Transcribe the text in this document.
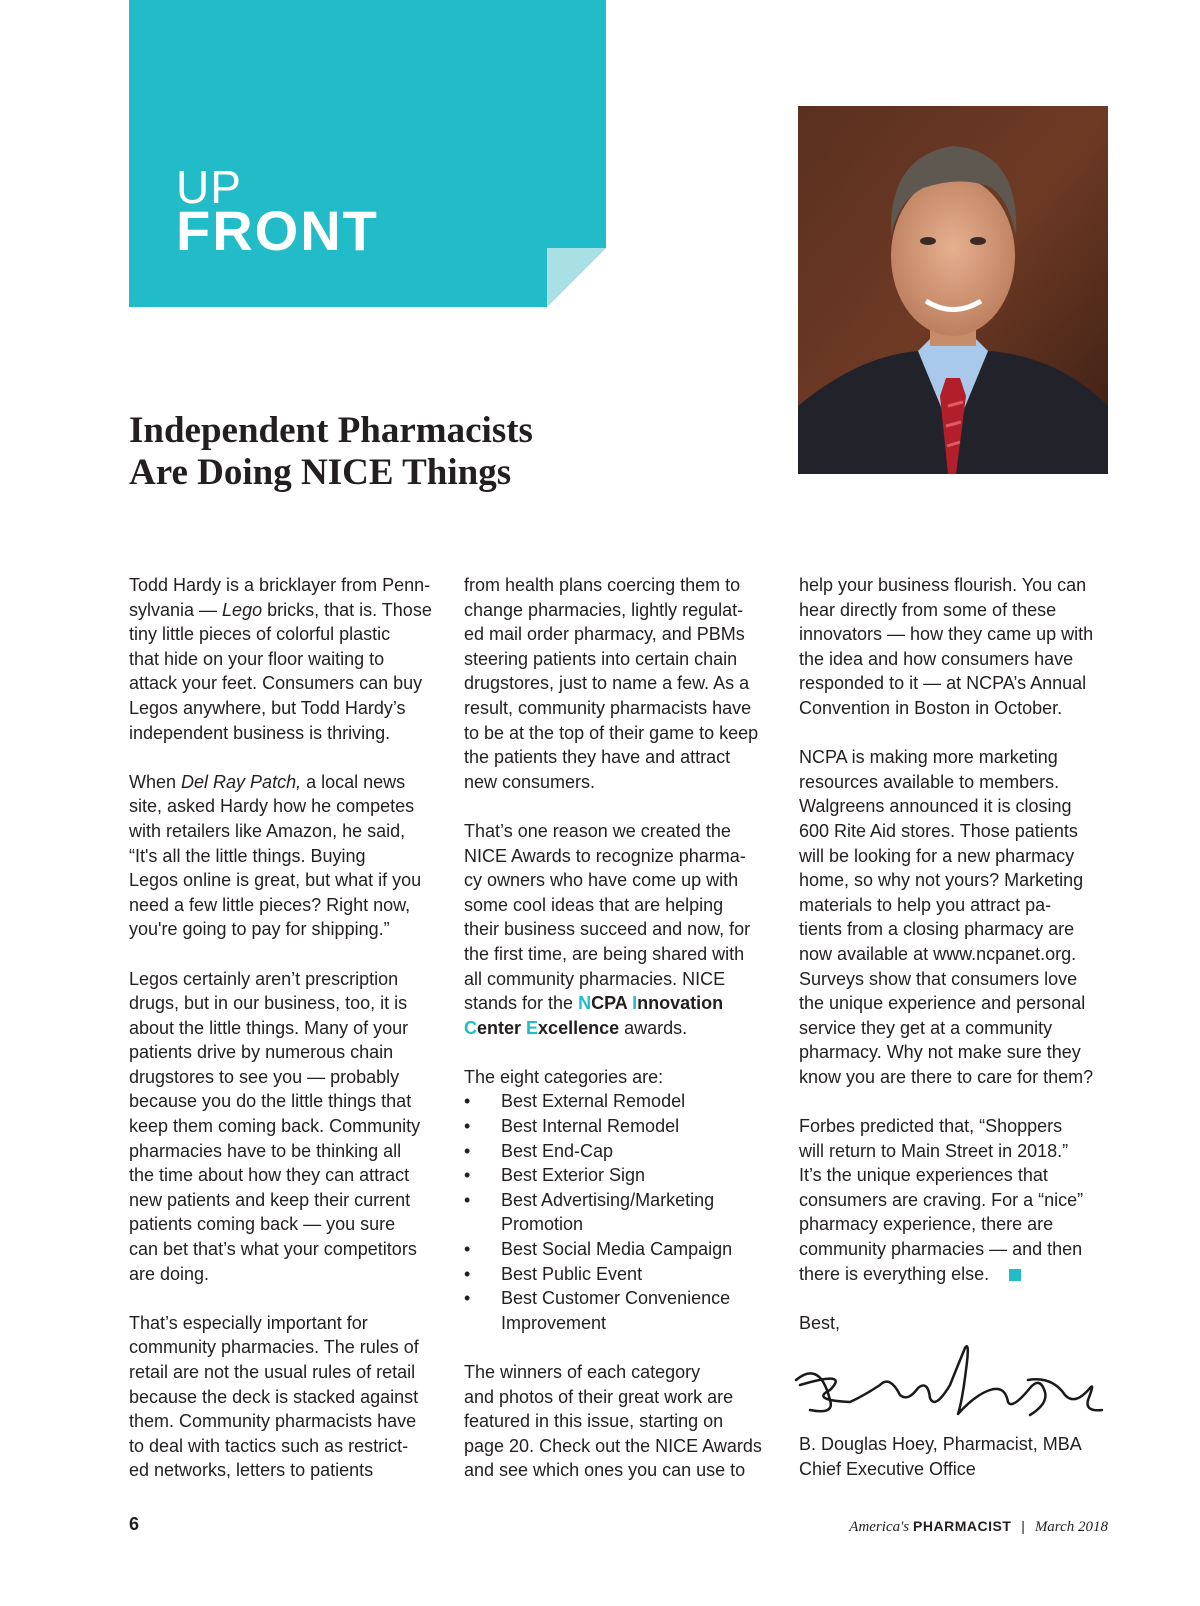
UP
FRONT
Independent Pharmacists
Are Doing NICE Things

Todd Hardy is a bricklayer from Penn-
sylvania — Lego bricks, that is. Those
tiny little pieces of colorful plastic
that hide on your floor waiting to
attack your feet. Consumers can buy
Legos anywhere, but Todd Hardy’s
independent business is thriving.

When Del Ray Patch, a local news
site, asked Hardy how he competes
with retailers like Amazon, he said,
“It's all the little things. Buying
Legos online is great, but what if you
need a few little pieces? Right now,
you're going to pay for shipping.”

Legos certainly aren’t prescription
drugs, but in our business, too, it is
about the little things. Many of your
patients drive by numerous chain
drugstores to see you — probably
because you do the little things that
keep them coming back. Community
pharmacies have to be thinking all
the time about how they can attract
new patients and keep their current
patients coming back — you sure
can bet that’s what your competitors
are doing.

That’s especially important for
community pharmacies. The rules of
retail are not the usual rules of retail
because the deck is stacked against
them. Community pharmacists have
to deal with tactics such as restrict-
ed networks, letters to patients

from health plans coercing them to
change pharmacies, lightly regulat-
ed mail order pharmacy, and PBMs
steering patients into certain chain
drugstores, just to name a few. As a
result, community pharmacists have
to be at the top of their game to keep
the patients they have and attract
new consumers.

That’s one reason we created the
NICE Awards to recognize pharma-
cy owners who have come up with
some cool ideas that are helping
their business succeed and now, for
the first time, are being shared with
all community pharmacies. NICE
stands for the NCPA Innovation
Center Excellence awards.

The eight categories are:
• Best External Remodel
• Best Internal Remodel
• Best End-Cap
• Best Exterior Sign
• Best Advertising/Marketing
Promotion
• Best Social Media Campaign
• Best Public Event
• Best Customer Convenience
Improvement

The winners of each category
and photos of their great work are
featured in this issue, starting on
page 20. Check out the NICE Awards
and see which ones you can use to

help your business flourish. You can
hear directly from some of these
innovators — how they came up with
the idea and how consumers have
responded to it — at NCPA’s Annual
Convention in Boston in October.

NCPA is making more marketing
resources available to members.
Walgreens announced it is closing
600 Rite Aid stores. Those patients
will be looking for a new pharmacy
home, so why not yours? Marketing
materials to help you attract pa-
tients from a closing pharmacy are
now available at www.ncpanet.org.
Surveys show that consumers love
the unique experience and personal
service they get at a community
pharmacy. Why not make sure they
know you are there to care for them?

Forbes predicted that, “Shoppers
will return to Main Street in 2018.”
It’s the unique experiences that
consumers are craving. For a “nice”
pharmacy experience, there are
community pharmacies — and then
there is everything else.

Best,

B. Douglas Hoey, Pharmacist, MBA
Chief Executive Office
6	America's PHARMACIST | March 2018
